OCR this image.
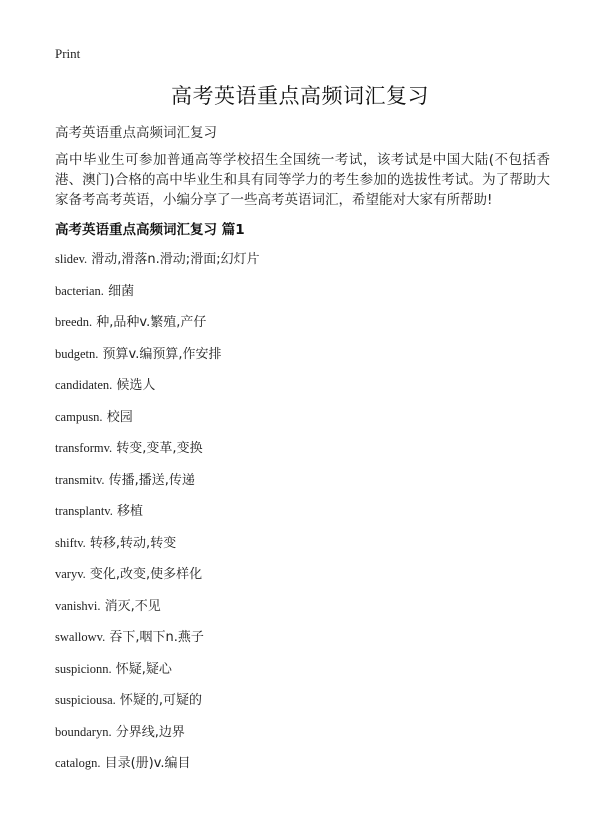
Print
高考英语重点高频词汇复习
高考英语重点高频词汇复习
高中毕业生可参加普通高等学校招生全国统一考试，该考试是中国大陆(不包括香港、澳门)合格的高中毕业生和具有同等学力的考生参加的选拔性考试。为了帮助大家备考高考英语，小编分享了一些高考英语词汇，希望能对大家有所帮助!
高考英语重点高频词汇复习 篇1
slidev. 滑动,滑落n.滑动;滑面;幻灯片
bacterian. 细菌
breedn. 种,品种v.繁殖,产仔
budgetn. 预算v.编预算,作安排
candidaten. 候选人
campusn. 校园
transformv. 转变,变革,变换
transmitv. 传播,播送,传递
transplantv. 移植
shiftv. 转移,转动,转变
varyv. 变化,改变,使多样化
vanishvi. 消灭,不见
swallowv. 吞下,咽下n.燕子
suspicionn. 怀疑,疑心
suspiciousa. 怀疑的,可疑的
boundaryn. 分界线,边界
catalogn. 目录(册)v.编目
